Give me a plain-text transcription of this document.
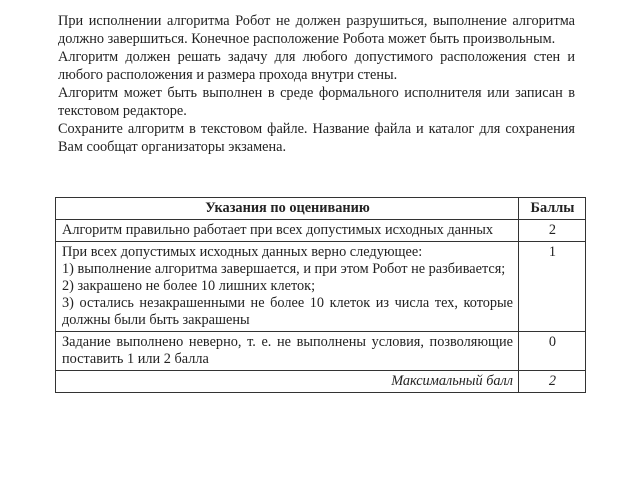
При исполнении алгоритма Робот не должен разрушиться, выполнение алгоритма должно завершиться. Конечное расположение Робота может быть произвольным.

Алгоритм должен решать задачу для любого допустимого расположения стен и любого расположения и размера прохода внутри стены.

Алгоритм может быть выполнен в среде формального исполнителя или записан в текстовом редакторе.

Сохраните алгоритм в текстовом файле. Название файла и каталог для сохранения Вам сообщат организаторы экзамена.

Указания по оцениванию	Баллы

Алгоритм правильно работает при всех допустимых исходных данных	2

При всех допустимых исходных данных верно следующее:
1) выполнение алгоритма завершается, и при этом Робот не разбивается;
2) закрашено не более 10 лишних клеток;
3) остались незакрашенными не более 10 клеток из числа тех, которые должны были быть закрашены	1

Задание выполнено неверно, т. е. не выполнены условия, позволяющие поставить 1 или 2 балла	0
Максимальный балл	2
